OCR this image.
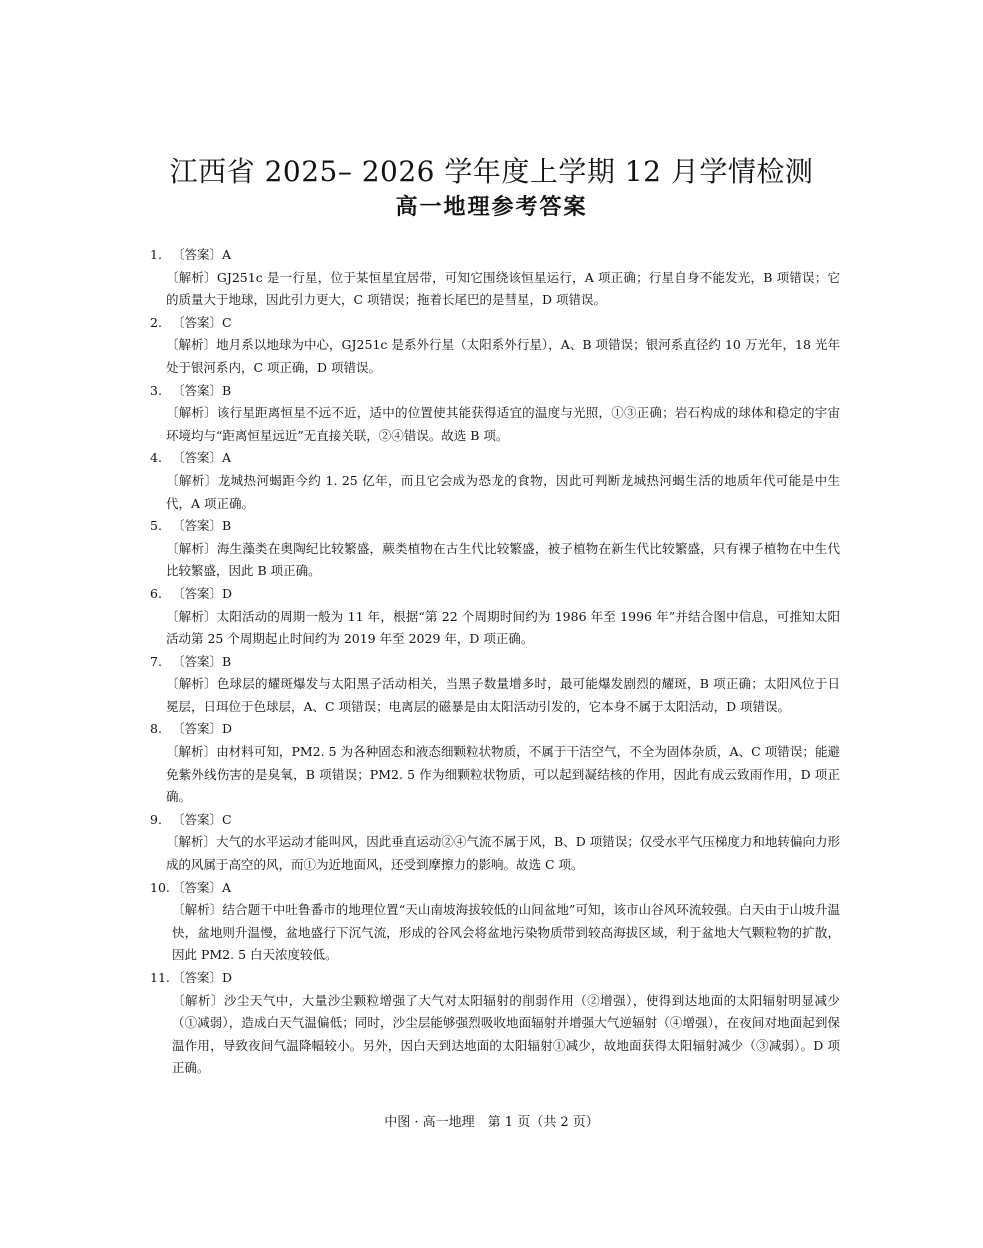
江西省 2025– 2026 学年度上学期 12 月学情检测
高一地理参考答案
1. 〔答案〕A
〔解析〕GJ251c 是一行星，位于某恒星宜居带，可知它围绕该恒星运行，A 项正确；行星自身不能发光，B 项错误；它的质量大于地球，因此引力更大，C 项错误；拖着长尾巴的是彗星，D 项错误。
2. 〔答案〕C
〔解析〕地月系以地球为中心，GJ251c 是系外行星（太阳系外行星），A、B 项错误；银河系直径约 10 万光年，18 光年处于银河系内，C 项正确，D 项错误。
3. 〔答案〕B
〔解析〕该行星距离恒星不远不近，适中的位置使其能获得适宜的温度与光照，①③正确；岩石构成的球体和稳定的宇宙环境均与“距离恒星远近”无直接关联，②④错误。故选 B 项。
4. 〔答案〕A
〔解析〕龙城热河蝎距今约 1. 25 亿年，而且它会成为恐龙的食物，因此可判断龙城热河蝎生活的地质年代可能是中生代，A 项正确。
5. 〔答案〕B
〔解析〕海生藻类在奥陶纪比较繁盛，蕨类植物在古生代比较繁盛，被子植物在新生代比较繁盛，只有裸子植物在中生代比较繁盛，因此 B 项正确。
6. 〔答案〕D
〔解析〕太阳活动的周期一般为 11 年，根据“第 22 个周期时间约为 1986 年至 1996 年”并结合图中信息，可推知太阳活动第 25 个周期起止时间约为 2019 年至 2029 年，D 项正确。
7. 〔答案〕B
〔解析〕色球层的耀斑爆发与太阳黑子活动相关，当黑子数量增多时，最可能爆发剧烈的耀斑，B 项正确；太阳风位于日冕层，日珥位于色球层，A、C 项错误；电离层的磁暴是由太阳活动引发的，它本身不属于太阳活动，D 项错误。
8. 〔答案〕D
〔解析〕由材料可知，PM2. 5 为各种固态和液态细颗粒状物质，不属于干洁空气，不全为固体杂质，A、C 项错误；能避免紫外线伤害的是臭氧，B 项错误；PM2. 5 作为细颗粒状物质，可以起到凝结核的作用，因此有成云致雨作用，D 项正确。
9. 〔答案〕C
〔解析〕大气的水平运动才能叫风，因此垂直运动②④气流不属于风，B、D 项错误；仅受水平气压梯度力和地转偏向力形成的风属于高空的风，而①为近地面风，还受到摩擦力的影响。故选 C 项。
10. 〔答案〕A
〔解析〕结合题干中吐鲁番市的地理位置“天山南坡海拔较低的山间盆地”可知，该市山谷风环流较强。白天由于山坡升温快，盆地则升温慢，盆地盛行下沉气流，形成的谷风会将盆地污染物质带到较高海拔区域，利于盆地大气颗粒物的扩散，因此 PM2. 5 白天浓度较低。
11. 〔答案〕D
〔解析〕沙尘天气中，大量沙尘颗粒增强了大气对太阳辐射的削弱作用（②增强），使得到达地面的太阳辐射明显减少（①减弱），造成白天气温偏低；同时，沙尘层能够强烈吸收地面辐射并增强大气逆辐射（④增强），在夜间对地面起到保温作用，导致夜间气温降幅较小。另外，因白天到达地面的太阳辐射①减少，故地面获得太阳辐射减少（③减弱）。D 项正确。
中图 · 高一地理　第 1 页（共 2 页）
